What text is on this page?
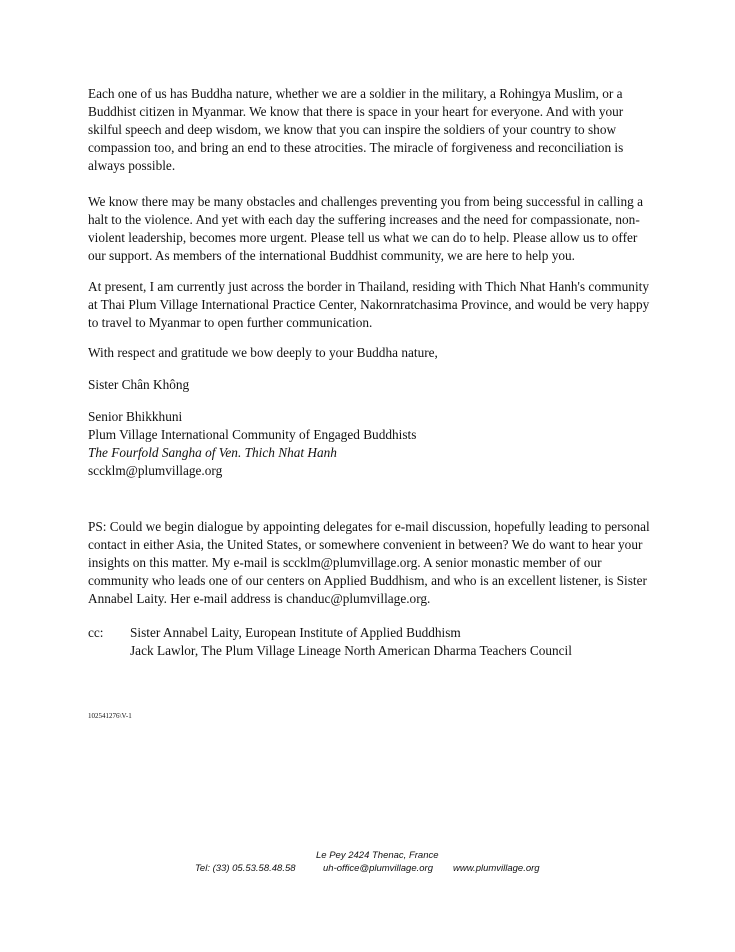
Each one of us has Buddha nature, whether we are a soldier in the military, a Rohingya Muslim, or a Buddhist citizen in Myanmar. We know that there is space in your heart for everyone. And with your skilful speech and deep wisdom, we know that you can inspire the soldiers of your country to show compassion too, and bring an end to these atrocities. The miracle of forgiveness and reconciliation is always possible.

We know there may be many obstacles and challenges preventing you from being successful in calling a halt to the violence. And yet with each day the suffering increases and the need for compassionate, non-violent leadership, becomes more urgent. Please tell us what we can do to help. Please allow us to offer our support. As members of the international Buddhist community, we are here to help you.

At present, I am currently just across the border in Thailand, residing with Thich Nhat Hanh's community at Thai Plum Village International Practice Center, Nakornratchasima Province, and would be very happy to travel to Myanmar to open further communication.

With respect and gratitude we bow deeply to your Buddha nature,
Sister Chân Không
Senior Bhikkhuni
Plum Village International Community of Engaged Buddhists
The Fourfold Sangha of Ven. Thich Nhat Hanh
sccklm@plumvillage.org

PS: Could we begin dialogue by appointing delegates for e-mail discussion, hopefully leading to personal contact in either Asia, the United States, or somewhere convenient in between? We do want to hear your insights on this matter. My e-mail is sccklm@plumvillage.org. A senior monastic member of our community who leads one of our centers on Applied Buddhism, and who is an excellent listener, is Sister Annabel Laity. Her e-mail address is chanduc@plumvillage.org.

cc: Sister Annabel Laity, European Institute of Applied Buddhism
Jack Lawlor, The Plum Village Lineage North American Dharma Teachers Council
102541276\V-1
Le Pey 2424 Thenac, France
Tel: (33) 05.53.58.48.58	uh-office@plumvillage.org www.plumvillage.org
